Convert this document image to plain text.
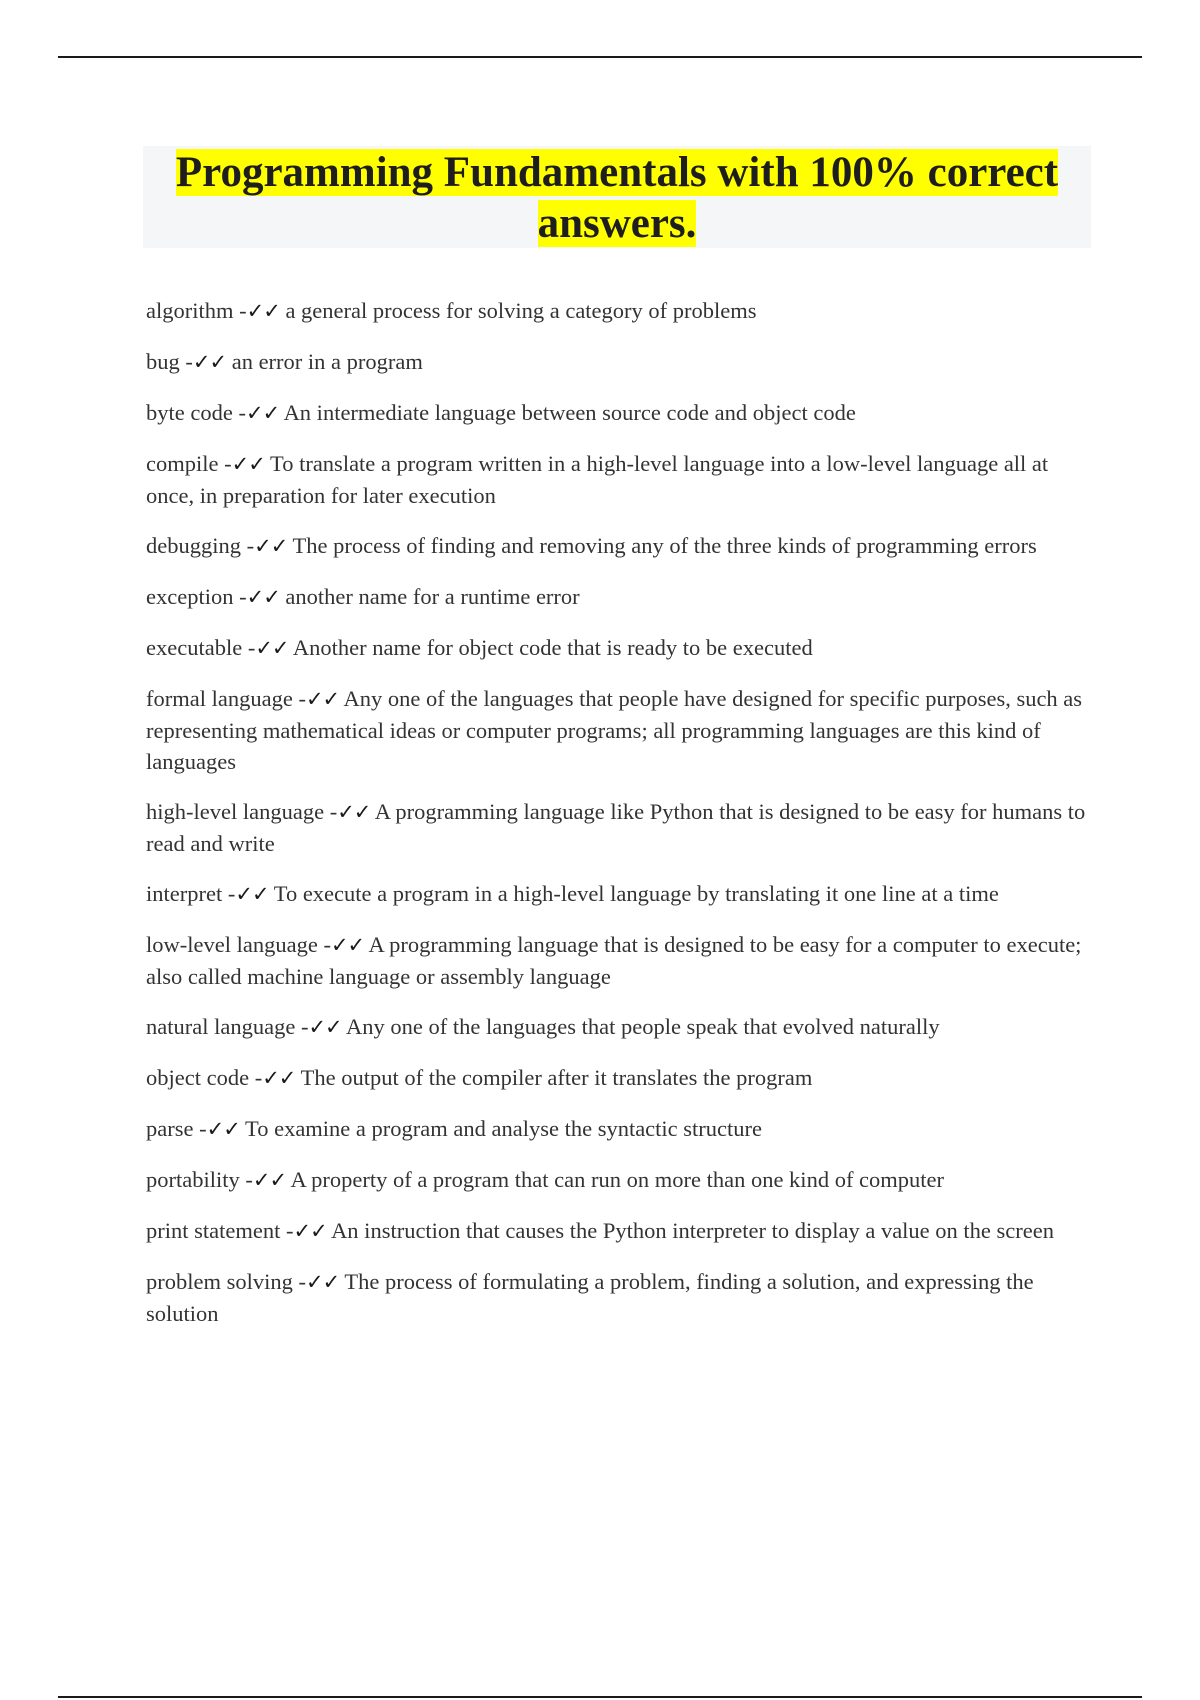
Programming Fundamentals with 100% correct
answers.

algorithm -✓✓ a general process for solving a category of problems

bug -✓✓ an error in a program

byte code -✓✓ An intermediate language between source code and object code

compile -✓✓ To translate a program written in a high-level language into a low-level language all at once, in preparation for later execution

debugging -✓✓ The process of finding and removing any of the three kinds of programming errors

exception -✓✓ another name for a runtime error

executable -✓✓ Another name for object code that is ready to be executed

formal language -✓✓ Any one of the languages that people have designed for specific purposes, such as representing mathematical ideas or computer programs; all programming languages are this kind of languages

high-level language -✓✓ A programming language like Python that is designed to be easy for humans to read and write

interpret -✓✓ To execute a program in a high-level language by translating it one line at a time

low-level language -✓✓ A programming language that is designed to be easy for a computer to execute; also called machine language or assembly language

natural language -✓✓ Any one of the languages that people speak that evolved naturally

object code -✓✓ The output of the compiler after it translates the program

parse -✓✓ To examine a program and analyse the syntactic structure

portability -✓✓ A property of a program that can run on more than one kind of computer

print statement -✓✓ An instruction that causes the Python interpreter to display a value on the screen

problem solving -✓✓ The process of formulating a problem, finding a solution, and expressing the solution
